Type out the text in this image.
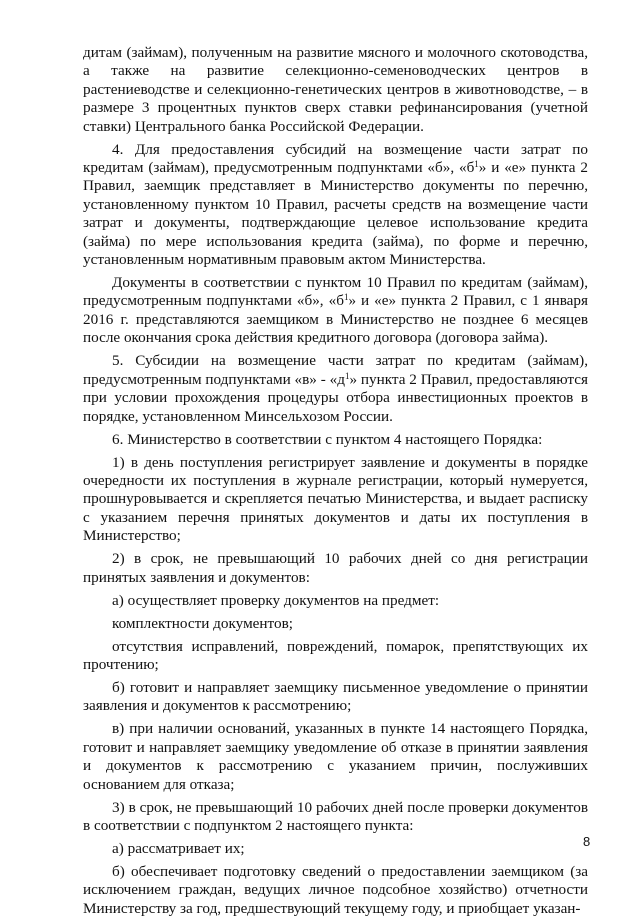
дитам (займам), полученным на развитие мясного и молочного скотоводства, а также на развитие селекционно-семеноводческих центров в растениеводстве и селекционно-генетических центров в животноводстве, – в размере 3 процентных пунктов сверх ставки рефинансирования (учетной ставки) Центрального банка Российской Федерации.

4. Для предоставления субсидий на возмещение части затрат по кредитам (займам), предусмотренным подпунктами «б», «$б^1$» и «е» пункта 2 Правил, заемщик представляет в Министерство документы по перечню, установленному пунктом 10 Правил, расчеты средств на возмещение части затрат и документы, подтверждающие целевое использование кредита (займа) по мере использования кредита (займа), по форме и перечню, установленным нормативным правовым актом Министерства.

Документы в соответствии с пунктом 10 Правил по кредитам (займам), предусмотренным подпунктами «б», «$б^1$» и «е» пункта 2 Правил, с 1 января 2016 г. представляются заемщиком в Министерство не позднее 6 месяцев после окончания срока действия кредитного договора (договора займа).

5. Субсидии на возмещение части затрат по кредитам (займам), предусмотренным подпунктами «в» - «$д^1$» пункта 2 Правил, предоставляются при условии прохождения процедуры отбора инвестиционных проектов в порядке, установленном Минсельхозом России.

6. Министерство в соответствии с пунктом 4 настоящего Порядка:

1) в день поступления регистрирует заявление и документы в порядке очередности их поступления в журнале регистрации, который нумеруется, прошнуровывается и скрепляется печатью Министерства, и выдает расписку с указанием перечня принятых документов и даты их поступления в Министерство;

2) в срок, не превышающий 10 рабочих дней со дня регистрации принятых заявления и документов:

а) осуществляет проверку документов на предмет:

комплектности документов;

отсутствия исправлений, повреждений, помарок, препятствующих их прочтению;

б) готовит и направляет заемщику письменное уведомление о принятии заявления и документов к рассмотрению;

в) при наличии оснований, указанных в пункте 14 настоящего Порядка, готовит и направляет заемщику уведомление об отказе в принятии заявления и документов к рассмотрению с указанием причин, послуживших основанием для отказа;

3) в срок, не превышающий 10 рабочих дней после проверки документов в соответствии с подпунктом 2 настоящего пункта:

а) рассматривает их;

б) обеспечивает подготовку сведений о предоставлении заемщиком (за исключением граждан, ведущих личное подсобное хозяйство) отчетности Министерству за год, предшествующий текущему году, и приобщает указан-

8
